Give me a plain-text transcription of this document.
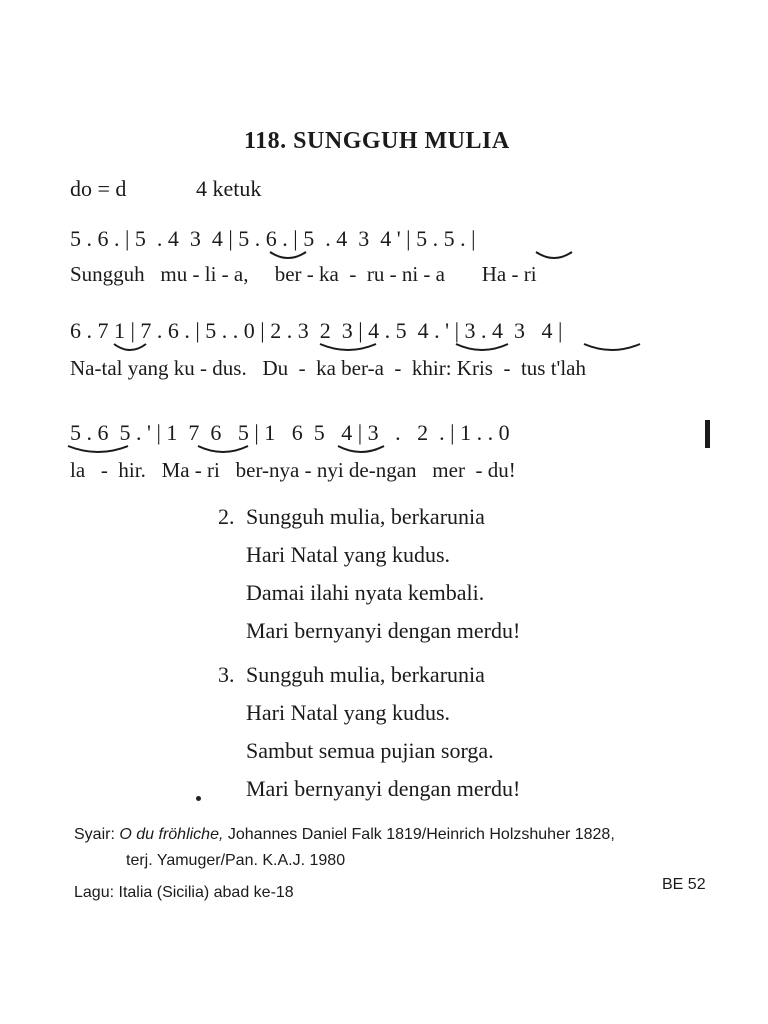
118. SUNGGUH MULIA
do = d	4 ketuk
5 . 6 . | 5  . 4  3  4 | 5 . 6 . | 5  . 4  3  4 ' | 5 . 5 . |
Sungguh   mu - li - a,     ber - ka  -  ru - ni - a       Ha - ri
6 . 7 1 | 7 . 6 . | 5 . . 0 | 2 . 3  2  3 | 4 . 5  4 . ' | 3 . 4  3   4 |
Na-tal yang ku - dus.   Du  -  ka ber-a  -  khir: Kris  -  tus t'lah
5 . 6  5 . ' | 1  7  6   5 | 1   6  5   4 | 3   .   2  . | 1 . . 0
la   -  hir.   Ma - ri   ber-nya - nyi de-ngan   mer  - du!
2. Sungguh mulia, berkarunia
Hari Natal yang kudus.
Damai ilahi nyata kembali.
Mari bernyanyi dengan merdu!
3. Sungguh mulia, berkarunia
Hari Natal yang kudus.
Sambut semua pujian sorga.
Mari bernyanyi dengan merdu!
Syair: O du fröhliche, Johannes Daniel Falk 1819/Heinrich Holzshuher 1828,
terj. Yamuger/Pan. K.A.J. 1980
Lagu: Italia (Sicilia) abad ke-18	BE 52
